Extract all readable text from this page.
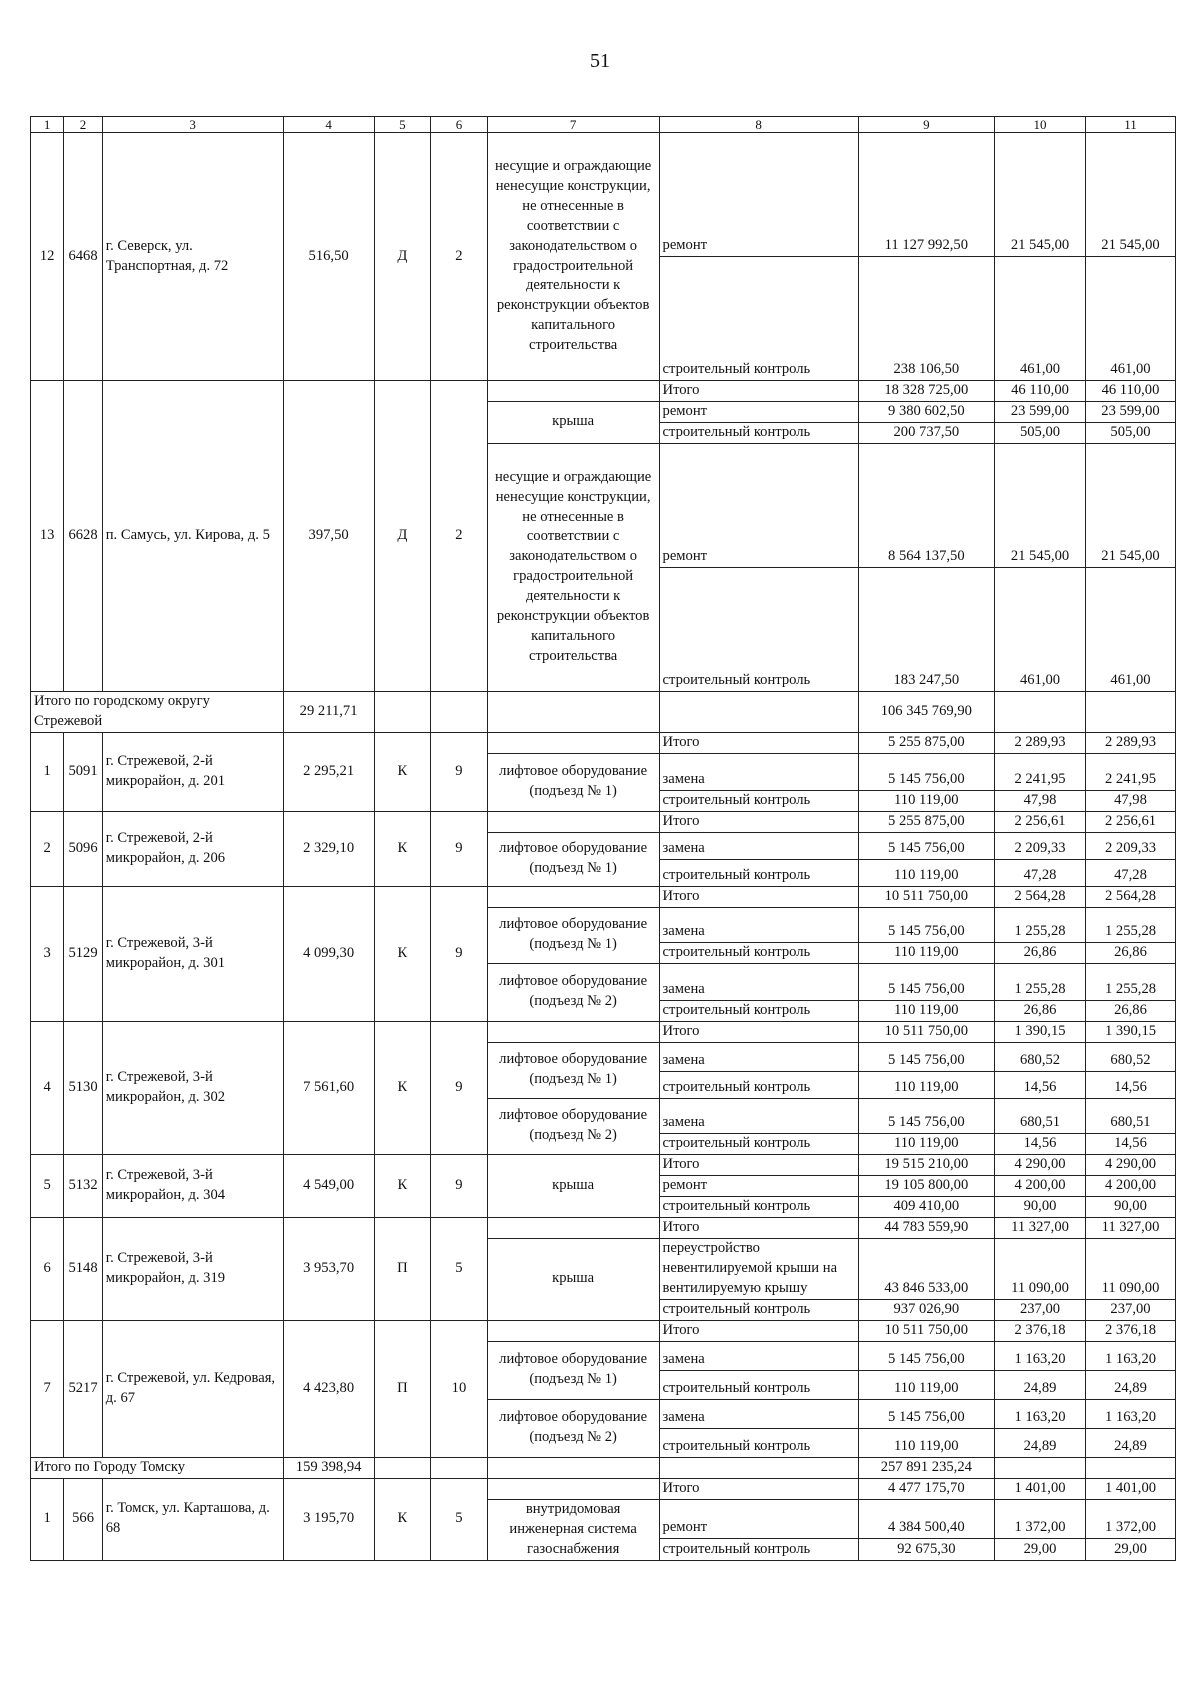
51
1	2	3	4	5	6	7	8	9	10	11
12	6468	г. Северск, ул. Транспортная, д. 72	516,50	Д	2	несущие и ограждающие ненесущие конструкции, не отнесенные в соответствии с законодательством о градостроительной деятельности к реконструкции объектов капитального строительства	ремонт	11 127 992,50	21 545,00	21 545,00
							строительный контроль	238 106,50	461,00	461,00
13	6628	п. Самусь, ул. Кирова, д. 5	397,50	Д	2		Итого	18 328 725,00	46 110,00	46 110,00
						крыша	ремонт	9 380 602,50	23 599,00	23 599,00
							строительный контроль	200 737,50	505,00	505,00
						несущие и ограждающие ненесущие конструкции, не отнесенные в соответствии с законодательством о градостроительной деятельности к реконструкции объектов капитального строительства	ремонт	8 564 137,50	21 545,00	21 545,00
							строительный контроль	183 247,50	461,00	461,00
Итого по городскому округу Стрежевой			29 211,71					106 345 769,90		
1	5091	г. Стрежевой, 2-й микрорайон, д. 201	2 295,21	К	9		Итого	5 255 875,00	2 289,93	2 289,93
						лифтовое оборудование (подъезд № 1)	замена	5 145 756,00	2 241,95	2 241,95
							строительный контроль	110 119,00	47,98	47,98
2	5096	г. Стрежевой, 2-й микрорайон, д. 206	2 329,10	К	9		Итого	5 255 875,00	2 256,61	2 256,61
						лифтовое оборудование (подъезд № 1)	замена	5 145 756,00	2 209,33	2 209,33
							строительный контроль	110 119,00	47,28	47,28
3	5129	г. Стрежевой, 3-й микрорайон, д. 301	4 099,30	К	9		Итого	10 511 750,00	2 564,28	2 564,28
						лифтовое оборудование (подъезд № 1)	замена	5 145 756,00	1 255,28	1 255,28
							строительный контроль	110 119,00	26,86	26,86
						лифтовое оборудование (подъезд № 2)	замена	5 145 756,00	1 255,28	1 255,28
							строительный контроль	110 119,00	26,86	26,86
4	5130	г. Стрежевой, 3-й микрорайон, д. 302	7 561,60	К	9		Итого	10 511 750,00	1 390,15	1 390,15
						лифтовое оборудование (подъезд № 1)	замена	5 145 756,00	680,52	680,52
							строительный контроль	110 119,00	14,56	14,56
						лифтовое оборудование (подъезд № 2)	замена	5 145 756,00	680,51	680,51
							строительный контроль	110 119,00	14,56	14,56
5	5132	г. Стрежевой, 3-й микрорайон, д. 304	4 549,00	К	9	крыша	Итого	19 515 210,00	4 290,00	4 290,00
							ремонт	19 105 800,00	4 200,00	4 200,00
							строительный контроль	409 410,00	90,00	90,00
6	5148	г. Стрежевой, 3-й микрорайон, д. 319	3 953,70	П	5		Итого	44 783 559,90	11 327,00	11 327,00
						крыша	переустройство невентилируемой крыши на вентилируемую крышу	43 846 533,00	11 090,00	11 090,00
							строительный контроль	937 026,90	237,00	237,00
7	5217	г. Стрежевой, ул. Кедровая, д. 67	4 423,80	П	10		Итого	10 511 750,00	2 376,18	2 376,18
						лифтовое оборудование (подъезд № 1)	замена	5 145 756,00	1 163,20	1 163,20
							строительный контроль	110 119,00	24,89	24,89
						лифтовое оборудование (подъезд № 2)	замена	5 145 756,00	1 163,20	1 163,20
							строительный контроль	110 119,00	24,89	24,89
Итого по Городу Томску			159 398,94					257 891 235,24		
1	566	г. Томск, ул. Карташова, д. 68	3 195,70	К	5		Итого	4 477 175,70	1 401,00	1 401,00
						внутридомовая инженерная система газоснабжения	ремонт	4 384 500,40	1 372,00	1 372,00
							строительный контроль	92 675,30	29,00	29,00
